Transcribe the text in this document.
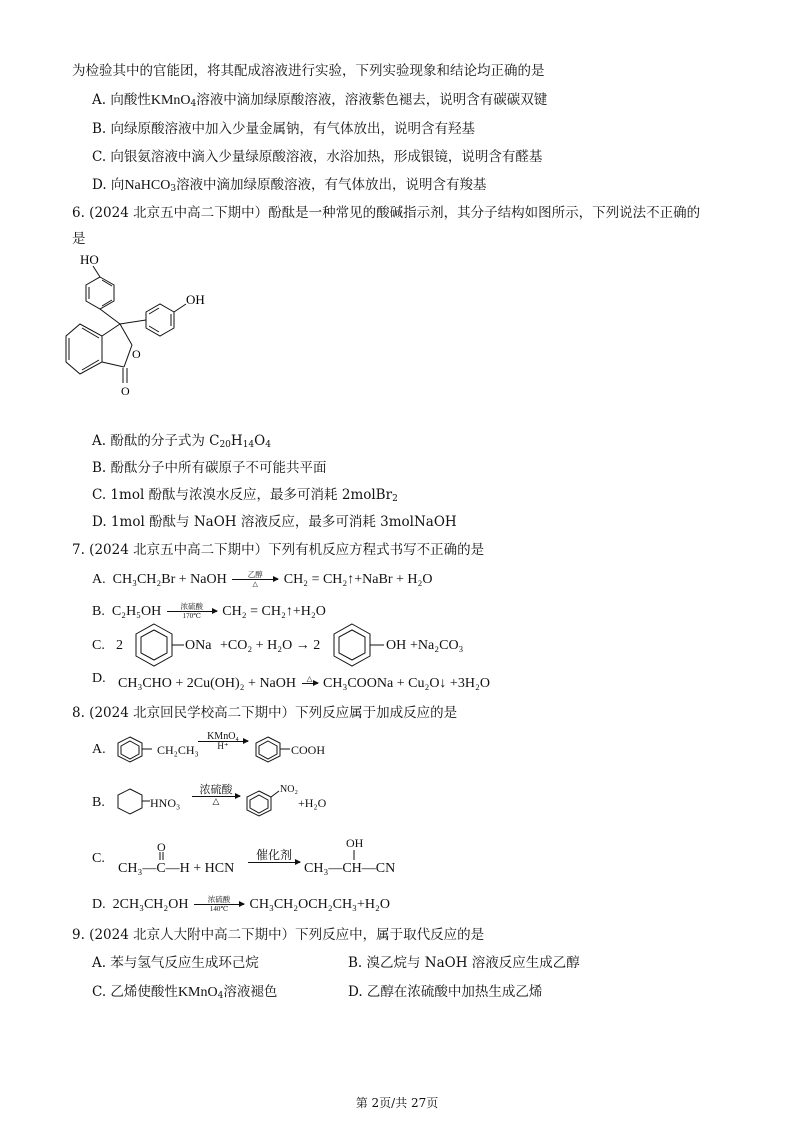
为检验其中的官能团，将其配成溶液进行实验，下列实验现象和结论均正确的是
A. 向酸性KMnO$_4$溶液中滴加绿原酸溶液，溶液紫色褪去，说明含有碳碳双键
B. 向绿原酸溶液中加入少量金属钠，有气体放出，说明含有羟基
C. 向银氨溶液中滴入少量绿原酸溶液，水浴加热，形成银镜，说明含有醛基
D. 向NaHCO$_3$溶液中滴加绿原酸溶液，有气体放出，说明含有羧基
6. (2024 北京五中高二下期中）酚酞是一种常见的酸碱指示剂，其分子结构如图所示，下列说法不正确的
是
HO
OH
O
O
A. 酚酞的分子式为 $C_{20}H_{14}O_4$
B. 酚酞分子中所有碳原子不可能共平面
C. 1mol 酚酞与浓溴水反应，最多可消耗 2molBr$_2$
D. 1mol 酚酞与 NaOH 溶液反应，最多可消耗 3molNaOH
7. (2024 北京五中高二下期中）下列有机反应方程式书写不正确的是
A. CH₃CH₂Br + NaOH	乙醇
△	CH₂ = CH₂↑+NaBr + H₂O
B. C₂H₅OH	浓硫酸
170℃	CH₂ = CH₂↑+H₂O
C. 2	ONa +CO₂ + H₂O → 2	OH +Na₂CO₃
D. CH₃CHO + 2Cu(OH)₂ + NaOH	△
CH₃COONa + Cu₂O↓ +3H₂O
8. (2024 北京回民学校高二下期中）下列反应属于加成反应的是
A.	CH₂CH₃
KMnO₄
H⁺	COOH
B.	HNO₃
浓硫酸
△
NO₂
+H₂O
C.
O
CH₃—C—H + HCN
催化剂

OH
CH₃—CH—CN
D. 2CH₃CH₂OH	浓硫酸
140℃	CH₃CH₂OCH₂CH₃+H₂O
9. (2024 北京人大附中高二下期中）下列反应中，属于取代反应的是
A. 苯与氢气反应生成环己烷	B. 溴乙烷与 NaOH 溶液反应生成乙醇
C. 乙烯使酸性KMnO$_4$溶液褪色	D. 乙醇在浓硫酸中加热生成乙烯
第 2页/共 27页
